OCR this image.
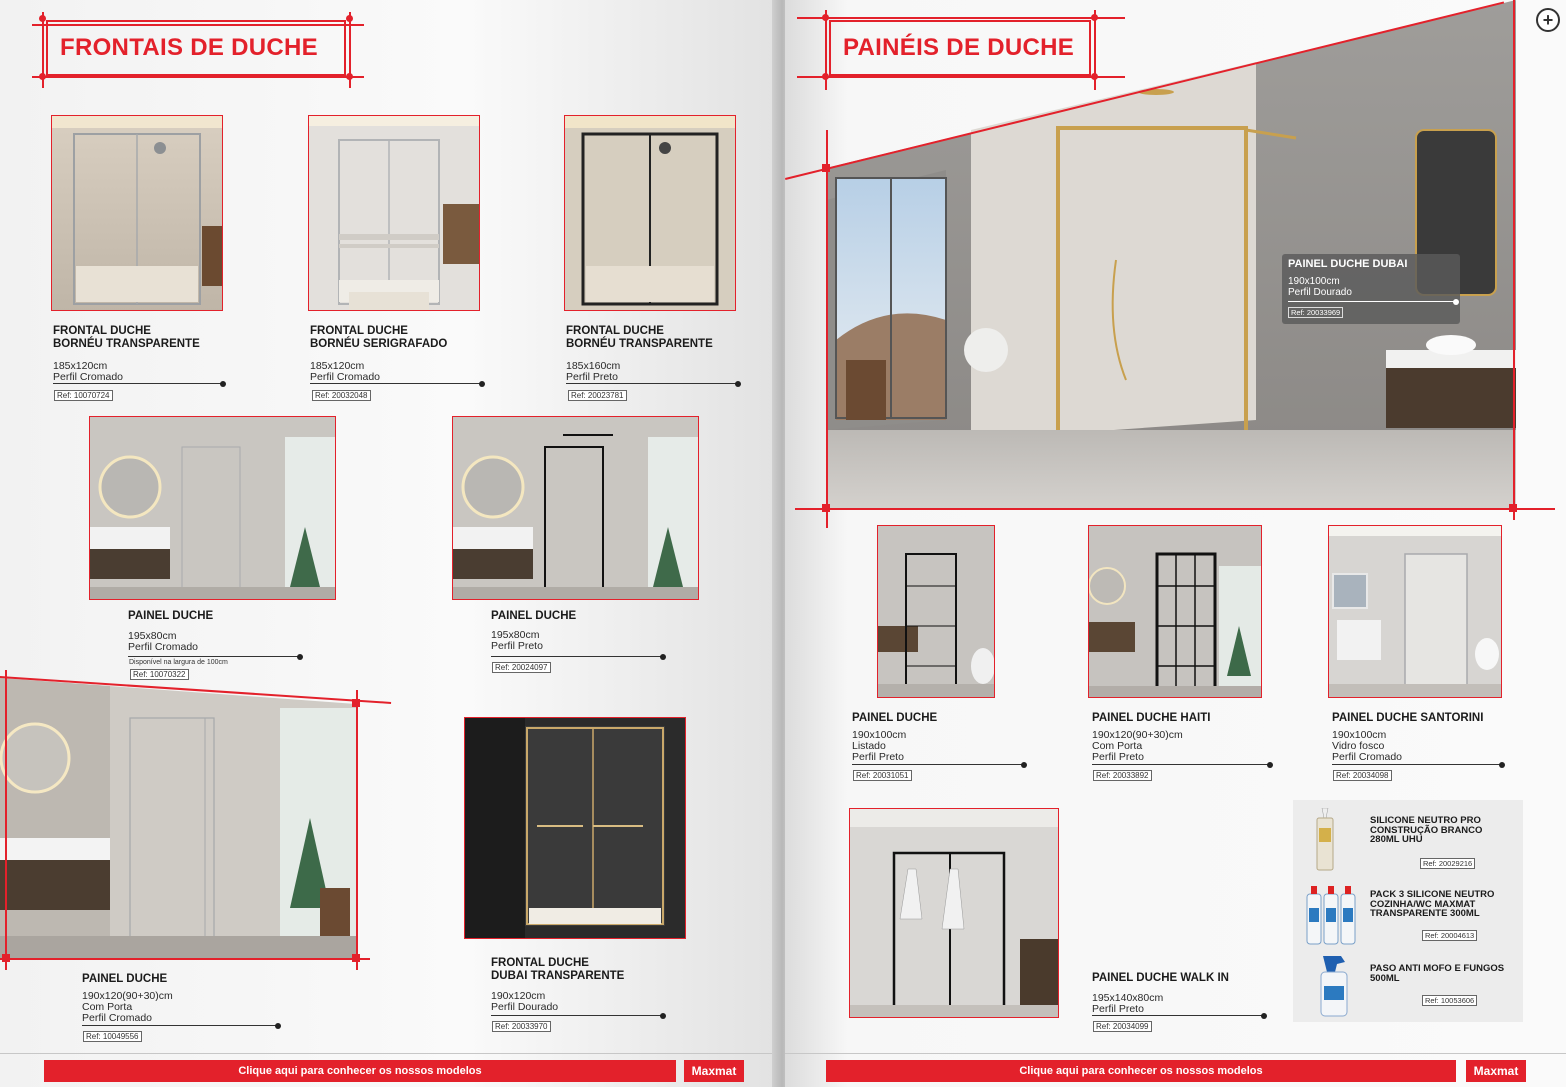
FRONTAIS DE DUCHE
FRONTAL DUCHE
BORNÉU TRANSPARENTE
185x120cm
Perfil Cromado
Ref: 10070724
FRONTAL DUCHE
BORNÉU SERIGRAFADO
185x120cm
Perfil Cromado
Ref: 20032048
FRONTAL DUCHE
BORNÉU TRANSPARENTE
185x160cm
Perfil Preto
Ref: 20023781
PAINEL DUCHE
195x80cm
Perfil Cromado
Disponível na largura de 100cm
Ref: 10070322
PAINEL DUCHE
195x80cm
Perfil Preto
Ref: 20024097
PAINEL DUCHE
190x120(90+30)cm
Com Porta
Perfil Cromado
Ref: 10049556
FRONTAL DUCHE
DUBAI TRANSPARENTE
190x120cm
Perfil Dourado
Ref: 20033970
Clique aqui para conhecer os nossos modelos	Maxmat
PAINÉIS DE DUCHE
+
PAINEL DUCHE DUBAI
190x100cm
Perfil Dourado
Ref: 20033969
PAINEL DUCHE
190x100cm
Listado
Perfil Preto
Ref: 20031051
PAINEL DUCHE HAITI
190x120(90+30)cm
Com Porta
Perfil Preto
Ref: 20033892
PAINEL DUCHE SANTORINI
190x100cm
Vidro fosco
Perfil Cromado
Ref: 20034098
PAINEL DUCHE WALK IN
195x140x80cm
Perfil Preto
Ref: 20034099
SILICONE NEUTRO PRO CONSTRUÇÃO BRANCO 280ML UHU
Ref: 20029216
PACK 3 SILICONE NEUTRO COZINHA/WC MAXMAT TRANSPARENTE 300ML
Ref: 20004613
PASO ANTI MOFO E FUNGOS 500ML
Ref: 10053606
Clique aqui para conhecer os nossos modelos	Maxmat
